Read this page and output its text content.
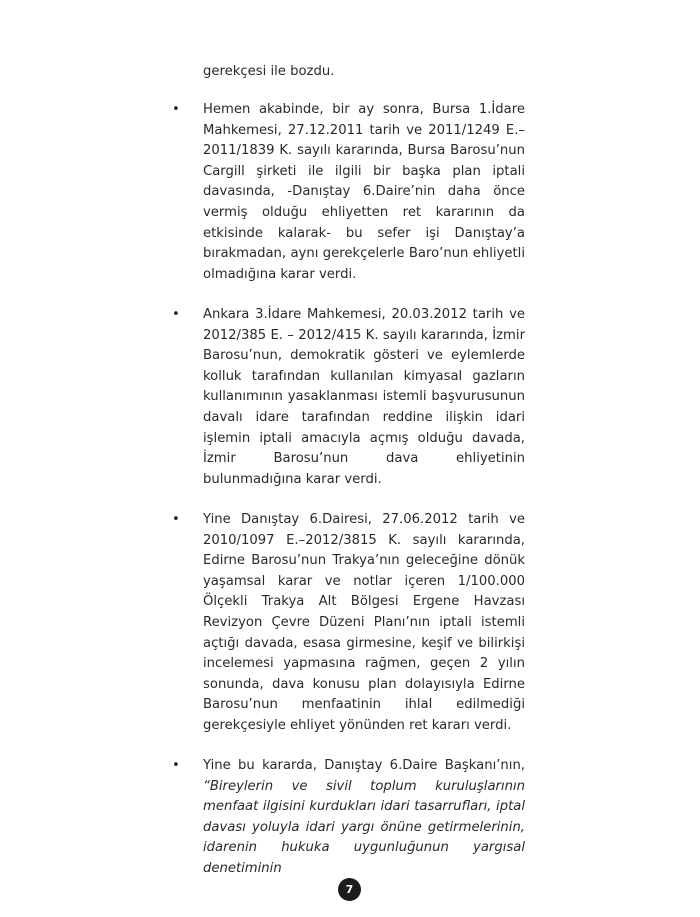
gerekçesi ile bozdu.

• Hemen akabinde, bir ay sonra, Bursa 1.İdare Mahkemesi, 27.12.2011 tarih ve 2011/1249 E.–2011/1839 K. sayılı kararında, Bursa Barosu’nun Cargill şirketi ile ilgili bir başka plan iptali davasında, -Danıştay 6.Daire’nin daha önce vermiş olduğu ehliyetten ret kararının da etkisinde kalarak- bu sefer işi Danıştay’a bırakmadan, aynı gerekçelerle Baro’nun ehliyetli olmadığına karar verdi.

• Ankara 3.İdare Mahkemesi, 20.03.2012 tarih ve 2012/385 E. – 2012/415 K. sayılı kararında, İzmir Barosu’nun, demokratik gösteri ve eylemlerde kolluk tarafından kullanılan kimyasal gazların kullanımının yasaklanması istemli başvurusunun davalı idare tarafından reddine ilişkin idari işlemin iptali amacıyla açmış olduğu davada, İzmir Barosu’nun dava ehliyetinin bulunmadığına karar verdi.

• Yine Danıştay 6.Dairesi, 27.06.2012 tarih ve 2010/1097 E.–2012/3815 K. sayılı kararında, Edirne Barosu’nun Trakya’nın geleceğine dönük yaşamsal karar ve notlar içeren 1/100.000 Ölçekli Trakya Alt Bölgesi Ergene Havzası Revizyon Çevre Düzeni Planı’nın iptali istemli açtığı davada, esasa girmesine, keşif ve bilirkişi incelemesi yapmasına rağmen, geçen 2 yılın sonunda, dava konusu plan dolayısıyla Edirne Barosu’nun menfaatinin ihlal edilmediği gerekçesiyle ehliyet yönünden ret kararı verdi.

• Yine bu kararda, Danıştay 6.Daire Başkanı’nın, “Bireylerin ve sivil toplum kuruluşlarının menfaat ilgisini kurdukları idari tasarrufları, iptal davası yoluyla idari yargı önüne getirmelerinin, idarenin hukuka uygunluğunun yargısal denetiminin

7
